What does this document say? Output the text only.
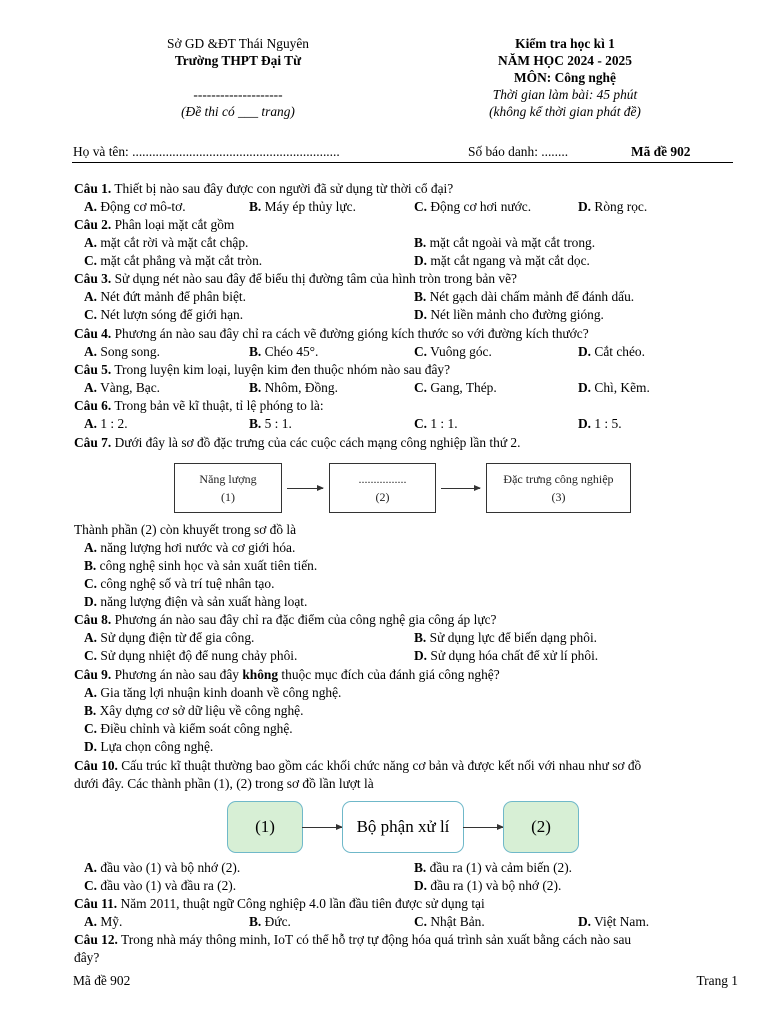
Sở GD &ĐT Thái Nguyên
Trường THPT Đại Từ
--------------------
(Đề thi có ___ trang)
Kiểm tra học kì 1
NĂM HỌC 2024 - 2025
MÔN: Công nghệ
Thời gian làm bài: 45 phút
(không kể thời gian phát đề)
Họ và tên: ..............................................................	Số báo danh: ........	Mã đề 902
Câu 1. Thiết bị nào sau đây được con người đã sử dụng từ thời cổ đại?
A. Động cơ mô-tơ.	B. Máy ép thủy lực.	C. Động cơ hơi nước.	D. Ròng rọc.
Câu 2. Phân loại mặt cắt gồm
A. mặt cắt rời và mặt cắt chập.	B. mặt cắt ngoài và mặt cắt trong.
C. mặt cắt phẳng và mặt cắt tròn.	D. mặt cắt ngang và mặt cắt dọc.
Câu 3. Sử dụng nét nào sau đây để biểu thị đường tâm của hình tròn trong bản vẽ?
A. Nét đứt mảnh để phân biệt.	B. Nét gạch dài chấm mảnh để đánh dấu.
C. Nét lượn sóng để giới hạn.	D. Nét liền mảnh cho đường gióng.
Câu 4. Phương án nào sau đây chỉ ra cách vẽ đường gióng kích thước so với đường kích thước?
A. Song song.	B. Chéo 45°.	C. Vuông góc.	D. Cắt chéo.
Câu 5. Trong luyện kim loại, luyện kim đen thuộc nhóm nào sau đây?
A. Vàng, Bạc.	B. Nhôm, Đồng.	C. Gang, Thép.	D. Chì, Kẽm.
Câu 6. Trong bản vẽ kĩ thuật, tỉ lệ phóng to là:
A. 1 : 2.	B. 5 : 1.	C. 1 : 1.	D. 1 : 5.
Câu 7. Dưới đây là sơ đồ đặc trưng của các cuộc cách mạng công nghiệp lần thứ 2.
Năng lượng
(1)
................
(2)
Đặc trưng công nghiệp
(3)
Thành phần (2) còn khuyết trong sơ đồ là
A. năng lượng hơi nước và cơ giới hóa.
B. công nghệ sinh học và sản xuất tiên tiến.
C. công nghệ số và trí tuệ nhân tạo.
D. năng lượng điện và sản xuất hàng loạt.
Câu 8. Phương án nào sau đây chỉ ra đặc điểm của công nghệ gia công áp lực?
A. Sử dụng điện từ để gia công.	B. Sử dụng lực để biến dạng phôi.
C. Sử dụng nhiệt độ để nung chảy phôi.	D. Sử dụng hóa chất để xử lí phôi.
Câu 9. Phương án nào sau đây không thuộc mục đích của đánh giá công nghệ?
A. Gia tăng lợi nhuận kinh doanh về công nghệ.
B. Xây dựng cơ sở dữ liệu về công nghệ.
C. Điều chỉnh và kiểm soát công nghệ.
D. Lựa chọn công nghệ.
Câu 10. Cấu trúc kĩ thuật thường bao gồm các khối chức năng cơ bản và được kết nối với nhau như sơ đồ
dưới đây. Các thành phần (1), (2) trong sơ đồ lần lượt là
(1)	Bộ phận xử lí	(2)
A. đầu vào (1) và bộ nhớ (2).	B. đầu ra (1) và cảm biến (2).
C. đầu vào (1) và đầu ra (2).	D. đầu ra (1) và bộ nhớ (2).
Câu 11. Năm 2011, thuật ngữ Công nghiệp 4.0 lần đầu tiên được sử dụng tại
A. Mỹ.	B. Đức.	C. Nhật Bản.	D. Việt Nam.
Câu 12. Trong nhà máy thông minh, IoT có thể hỗ trợ tự động hóa quá trình sản xuất bằng cách nào sau
đây?
Mã đề 902	Trang 1
